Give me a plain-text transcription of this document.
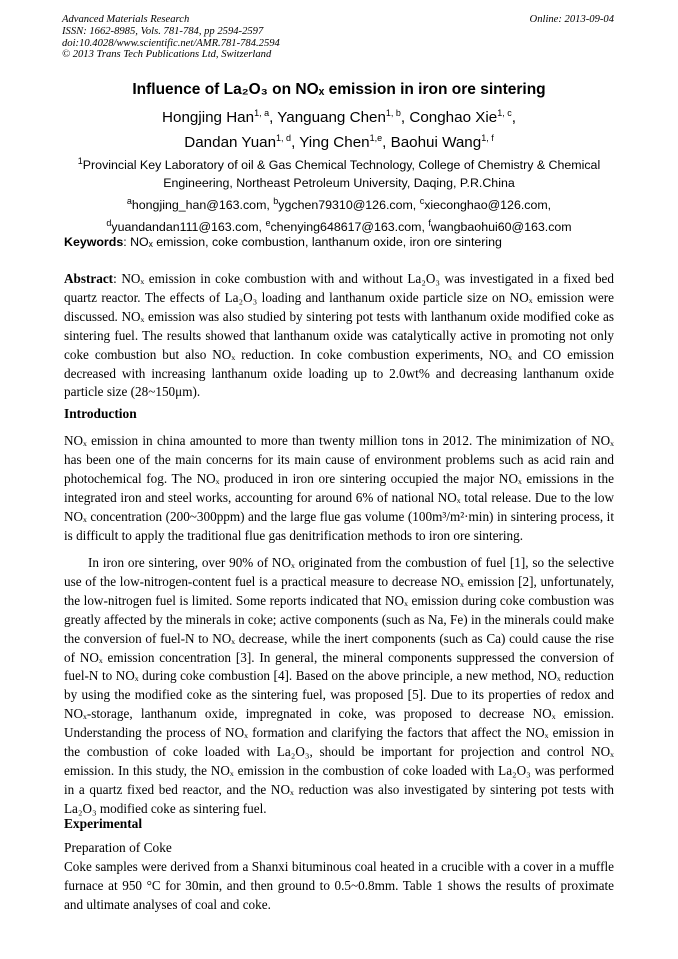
Advanced Materials Research
ISSN: 1662-8985, Vols. 781-784, pp 2594-2597
doi:10.4028/www.scientific.net/AMR.781-784.2594
© 2013 Trans Tech Publications Ltd, Switzerland
Online: 2013-09-04
Influence of La₂O₃ on NOₓ emission in iron ore sintering
Hongjing Han$^{1, a}$, Yanguang Chen$^{1, b}$, Conghao Xie$^{1, c}$,
Dandan Yuan$^{1, d}$, Ying Chen$^{1,e}$, Baohui Wang$^{1, f}$
$^1$Provincial Key Laboratory of oil & Gas Chemical Technology, College of Chemistry & Chemical
Engineering, Northeast Petroleum University, Daqing, P.R.China
$^a$hongjing_han@163.com, $^b$ygchen79310@126.com, $^c$xieconghao@126.com,
$^d$yuandandan111@163.com, $^e$chenying648617@163.com, $^f$wangbaohui60@163.com
Keywords: NOₓ emission, coke combustion, lanthanum oxide, iron ore sintering
Abstract: NOₓ emission in coke combustion with and without La₂O₃ was investigated in a fixed bed quartz reactor. The effects of La₂O₃ loading and lanthanum oxide particle size on NOₓ emission were discussed. NOₓ emission was also studied by sintering pot tests with lanthanum oxide modified coke as sintering fuel. The results showed that lanthanum oxide was catalytically active in promoting not only coke combustion but also NOₓ reduction. In coke combustion experiments, NOₓ and CO emission decreased with increasing lanthanum oxide loading up to 2.0wt% and decreasing lanthanum oxide particle size (28~150μm).
Introduction
NOₓ emission in china amounted to more than twenty million tons in 2012. The minimization of NOₓ has been one of the main concerns for its main cause of environment problems such as acid rain and photochemical fog. The NOₓ produced in iron ore sintering occupied the major NOₓ emissions in the integrated iron and steel works, accounting for around 6% of national NOₓ total release. Due to the low NOₓ concentration (200~300ppm) and the large flue gas volume (100m³/m²·min) in sintering process, it is difficult to apply the traditional flue gas denitrification methods to iron ore sintering.
In iron ore sintering, over 90% of NOₓ originated from the combustion of fuel [1], so the selective use of the low-nitrogen-content fuel is a practical measure to decrease NOₓ emission [2], unfortunately, the low-nitrogen fuel is limited. Some reports indicated that NOₓ emission during coke combustion was greatly affected by the minerals in coke; active components (such as Na, Fe) in the minerals could make the conversion of fuel-N to NOₓ decrease, while the inert components (such as Ca) could cause the rise of NOₓ emission concentration [3]. In general, the mineral components suppressed the conversion of fuel-N to NOₓ during coke combustion [4]. Based on the above principle, a new method, NOₓ reduction by using the modified coke as the sintering fuel, was proposed [5]. Due to its properties of redox and NOₓ-storage, lanthanum oxide, impregnated in coke, was proposed to decrease NOₓ emission. Understanding the process of NOₓ formation and clarifying the factors that affect the NOₓ emission in the combustion of coke loaded with La₂O₃, should be important for projection and control NOₓ emission. In this study, the NOₓ emission in the combustion of coke loaded with La₂O₃ was performed in a quartz fixed bed reactor, and the NOₓ reduction was also investigated by sintering pot tests with La₂O₃ modified coke as sintering fuel.
Experimental
Preparation of Coke
Coke samples were derived from a Shanxi bituminous coal heated in a crucible with a cover in a muffle furnace at 950 °C for 30min, and then ground to 0.5~0.8mm. Table 1 shows the results of proximate and ultimate analyses of coal and coke.
